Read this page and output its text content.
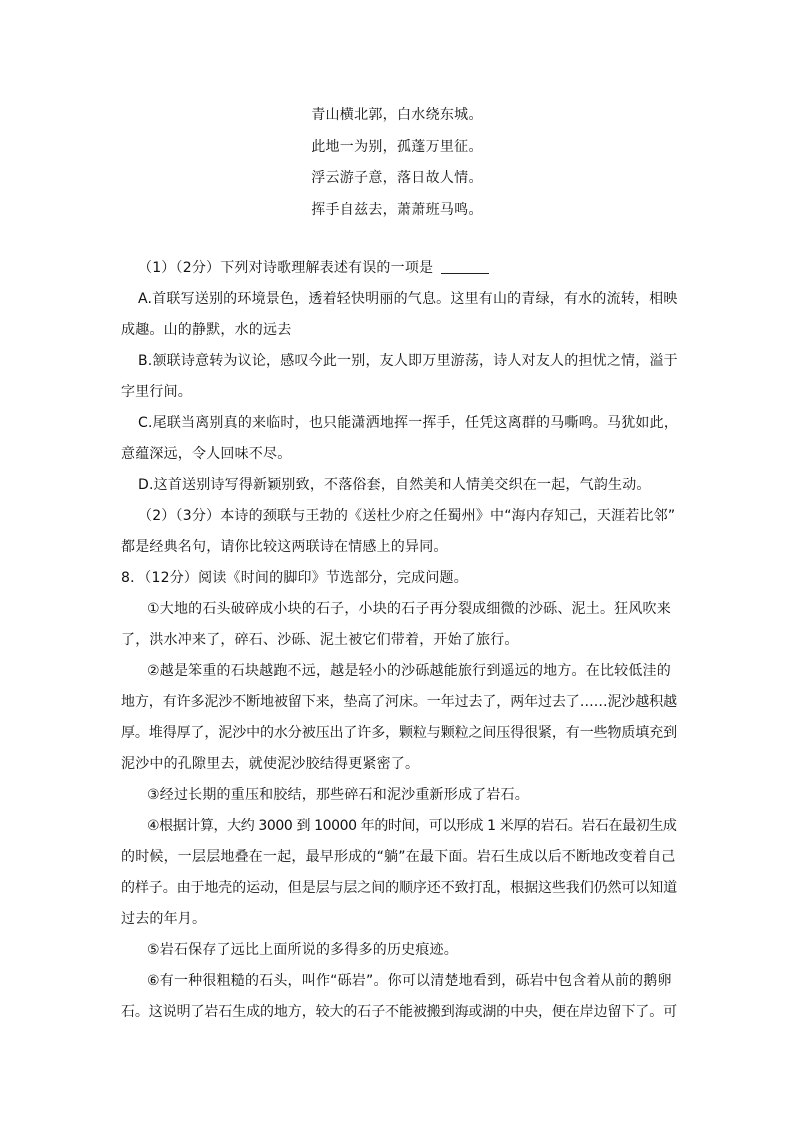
青山横北郭，白水绕东城。
此地一为别，孤蓬万里征。
浮云游子意，落日故人情。
挥手自兹去，萧萧班马鸣。
（1）（2分）下列对诗歌理解表述有误的一项是
A.首联写送别的环境景色，透着轻快明丽的气息。这里有山的青绿，有水的流转，相映
成趣。山的静默，水的远去
B.颔联诗意转为议论，感叹今此一别，友人即万里游荡，诗人对友人的担忧之情，溢于
字里行间。
C.尾联当离别真的来临时，也只能潇洒地挥一挥手，任凭这离群的马嘶鸣。马犹如此，
意蕴深远，令人回味不尽。
D.这首送别诗写得新颖别致，不落俗套，自然美和人情美交织在一起，气韵生动。
（2）（3分）本诗的颈联与王勃的《送杜少府之任蜀州》中“海内存知己，天涯若比邻”
都是经典名句，请你比较这两联诗在情感上的异同。
8．（12分）阅读《时间的脚印》节选部分，完成问题。
①大地的石头破碎成小块的石子，小块的石子再分裂成细微的沙砾、泥土。狂风吹来
了，洪水冲来了，碎石、沙砾、泥土被它们带着，开始了旅行。
②越是笨重的石块越跑不远，越是轻小的沙砾越能旅行到遥远的地方。在比较低洼的
地方，有许多泥沙不断地被留下来，垫高了河床。一年过去了，两年过去了……泥沙越积越
厚。堆得厚了，泥沙中的水分被压出了许多，颗粒与颗粒之间压得很紧，有一些物质填充到
泥沙中的孔隙里去，就使泥沙胶结得更紧密了。
③经过长期的重压和胶结，那些碎石和泥沙重新形成了岩石。
④根据计算，大约 3000 到 10000 年的时间，可以形成 1 米厚的岩石。岩石在最初生成
的时候，一层层地叠在一起，最早形成的“躺”在最下面。岩石生成以后不断地改变着自己
的样子。由于地壳的运动，但是层与层之间的顺序还不致打乱，根据这些我们仍然可以知道
过去的年月。
⑤岩石保存了远比上面所说的多得多的历史痕迹。
⑥有一种很粗糙的石头，叫作“砾岩”。你可以清楚地看到，砾岩中包含着从前的鹅卵
石。这说明了岩石生成的地方，较大的石子不能被搬到海或湖的中央，便在岸边留下了。可
